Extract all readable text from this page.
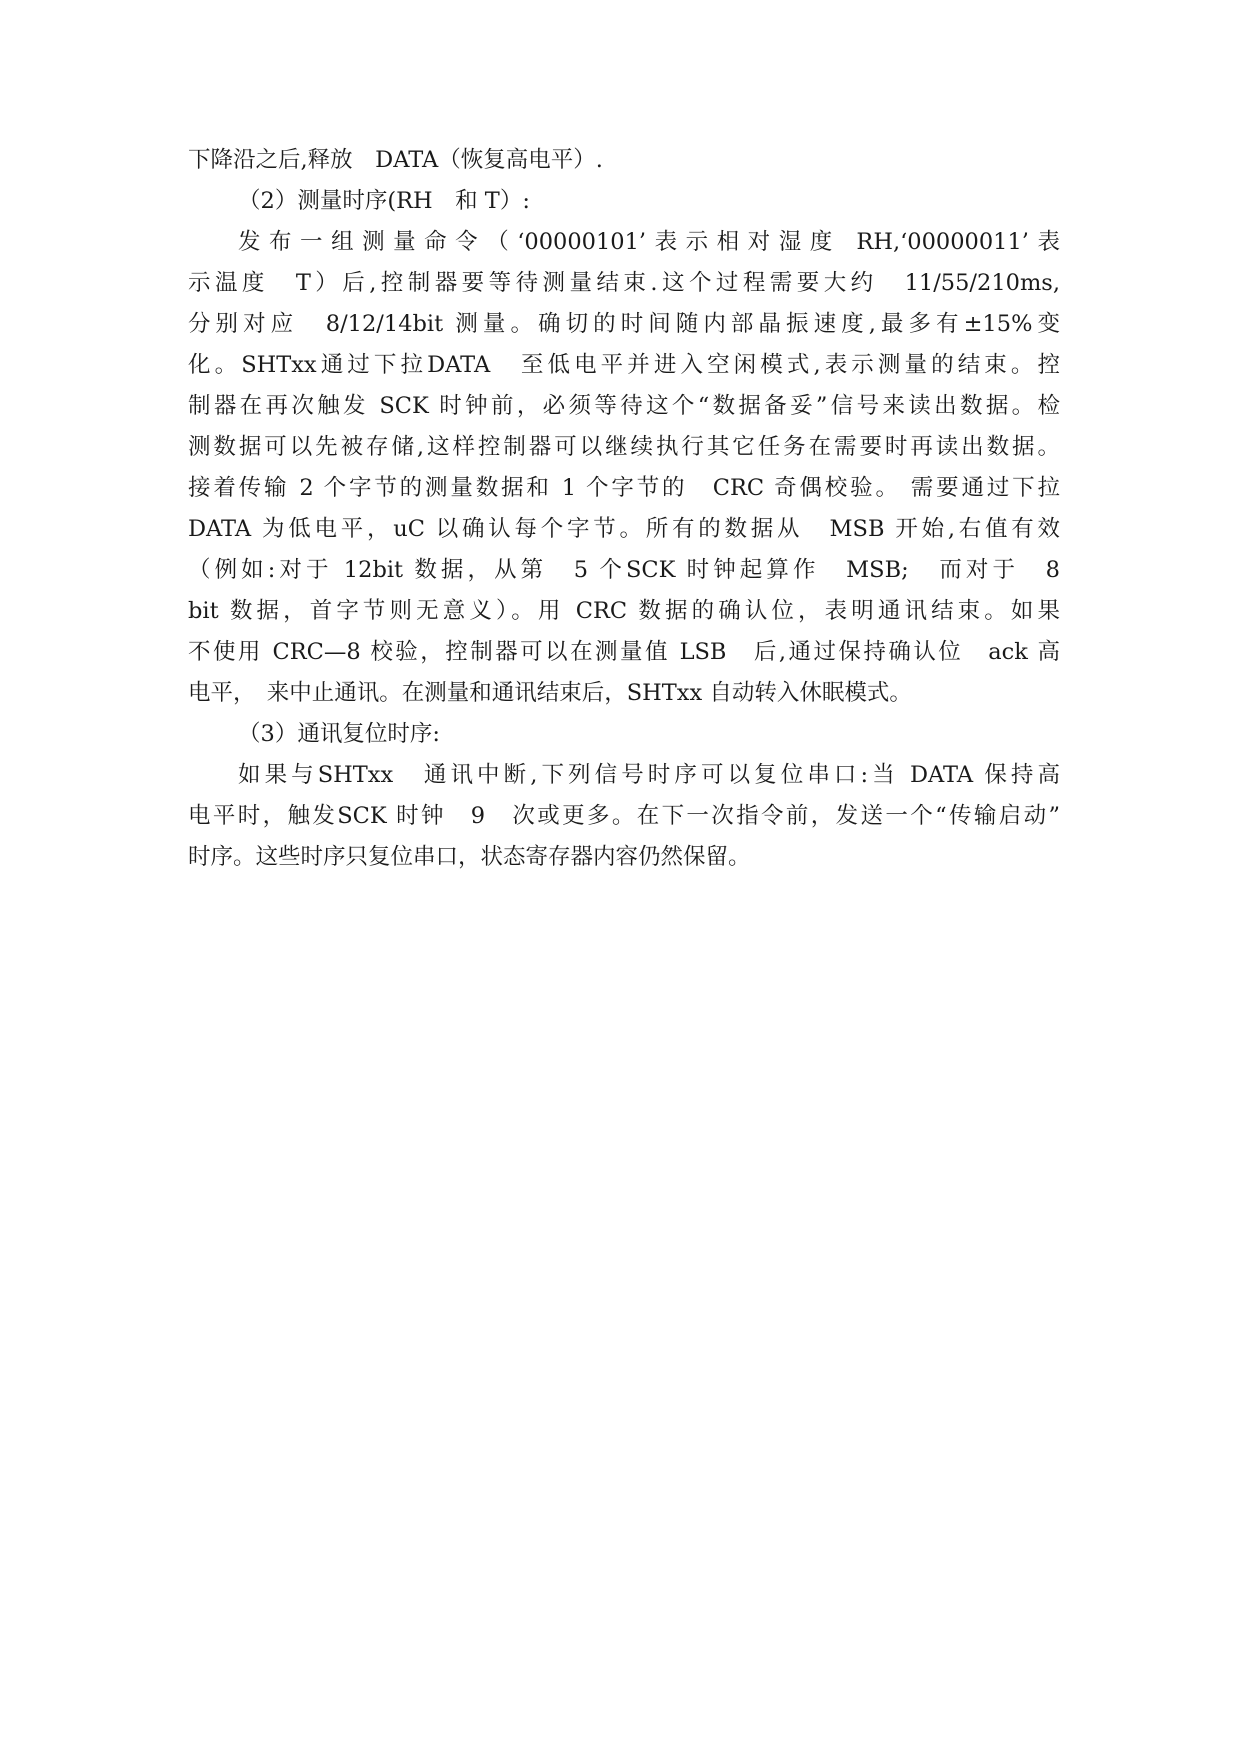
下降沿之后,释放　DATA（恢复高电平）.
（2）测量时序(RH　和 T）:
发布一组测量命令（‘00000101’表示相对湿度 RH,‘00000011’表
示温度　T）后,控制器要等待测量结束.这个过程需要大约　11/55/210ms,
分别对应　8/12/14bit 测量。确切的时间随内部晶振速度,最多有±15%变
化。SHTxx通过下拉DATA　至低电平并进入空闲模式,表示测量的结束。控
制器在再次触发 SCK 时钟前，必须等待这个“数据备妥”信号来读出数据。检
测数据可以先被存储,这样控制器可以继续执行其它任务在需要时再读出数据。
接着传输 2 个字节的测量数据和 1 个字节的　CRC 奇偶校验。 需要通过下拉
DATA 为低电平，uC 以确认每个字节。所有的数据从　MSB 开始,右值有效
（例如:对于 12bit 数据，从第　5 个SCK 时钟起算作　MSB;　而对于　8
bit 数据，首字节则无意义）。用 CRC 数据的确认位，表明通讯结束。如果
不使用 CRC—8 校验，控制器可以在测量值 LSB　后,通过保持确认位　ack 高
电平，　来中止通讯。在测量和通讯结束后，SHTxx 自动转入休眠模式。
（3）通讯复位时序:
如果与SHTxx　通讯中断,下列信号时序可以复位串口:当 DATA 保持高
电平时，触发SCK 时钟　9　次或更多。在下一次指令前，发送一个“传输启动”
时序。这些时序只复位串口，状态寄存器内容仍然保留。
